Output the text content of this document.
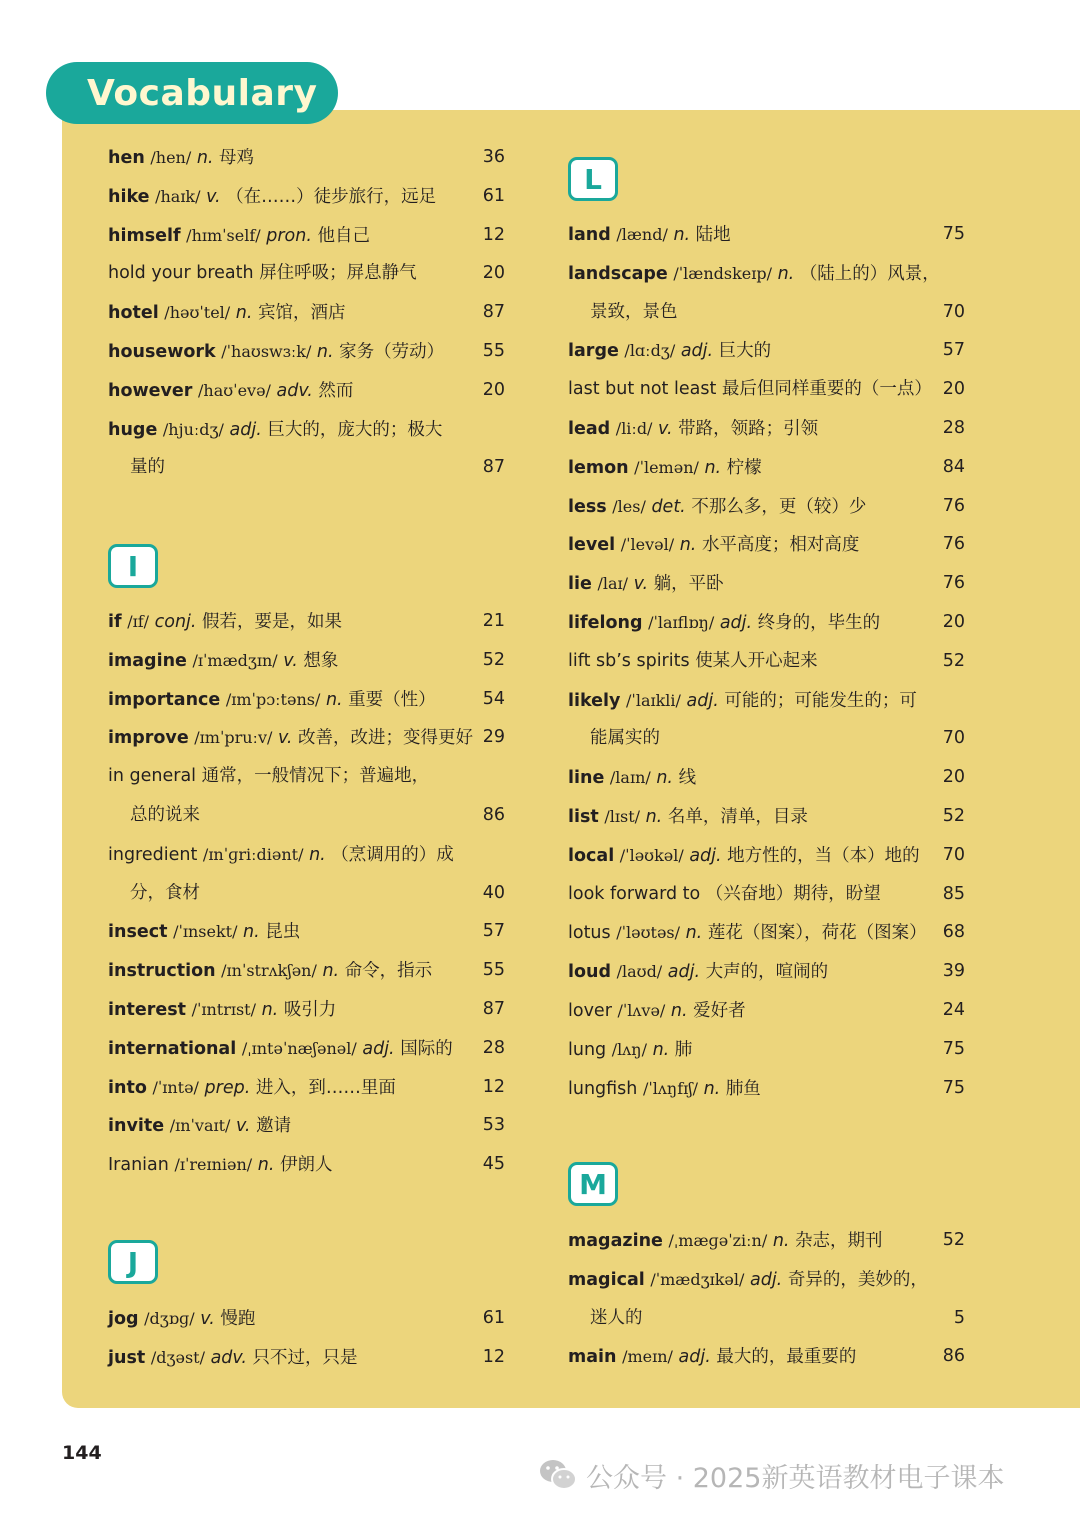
Vocabulary
hen /hen/ n. 母鸡	36
hike /haɪk/ v. （在……）徒步旅行，远足	61
himself /hɪmˈself/ pron. 他自己	12
hold your breath 屏住呼吸；屏息静气	20
hotel /həʊˈtel/ n. 宾馆，酒店	87
housework /ˈhaʊswɜːk/ n. 家务（劳动）	55
however /haʊˈevə/ adv. 然而	20
huge /hjuːdʒ/ adj. 巨大的，庞大的；极大
量的	87
if /ɪf/ conj. 假若，要是，如果	21
imagine /ɪˈmædʒɪn/ v. 想象	52
importance /ɪmˈpɔːtəns/ n. 重要（性）	54
improve /ɪmˈpruːv/ v. 改善，改进；变得更好 29
in general 通常，一般情况下；普遍地，
总的说来	86
ingredient /ɪnˈɡriːdiənt/ n. （烹调用的）成
分，食材	40
insect /ˈɪnsekt/ n. 昆虫	57
instruction /ɪnˈstrʌkʃən/ n. 命令，指示	55
interest /ˈɪntrɪst/ n. 吸引力	87
international /ˌɪntəˈnæʃənəl/ adj. 国际的	28
into /ˈɪntə/ prep. 进入，到……里面	12
invite /ɪnˈvaɪt/ v. 邀请	53
Iranian /ɪˈreɪniən/ n. 伊朗人	45
jog /dʒɒɡ/ v. 慢跑	61
just /dʒəst/ adv. 只不过，只是	12
land /lænd/ n. 陆地	75
landscape /ˈlændskeɪp/ n. （陆上的）风景，
景致，景色	70
large /lɑːdʒ/ adj. 巨大的	57
last but not least 最后但同样重要的（一点） 20
lead /liːd/ v. 带路，领路；引领	28
lemon /ˈlemən/ n. 柠檬	84
less /les/ det. 不那么多，更（较）少	76
level /ˈlevəl/ n. 水平高度；相对高度	76
lie /laɪ/ v. 躺，平卧	76
lifelong /ˈlaɪflɒŋ/ adj. 终身的，毕生的	20
lift sb’s spirits 使某人开心起来	52
likely /ˈlaɪkli/ adj. 可能的；可能发生的；可
能属实的	70
line /laɪn/ n. 线	20
list /lɪst/ n. 名单，清单，目录	52
local /ˈləʊkəl/ adj. 地方性的，当（本）地的	70
look forward to （兴奋地）期待，盼望	85
lotus /ˈləʊtəs/ n. 莲花（图案），荷花（图案） 68
loud /laʊd/ adj. 大声的，喧闹的	39
lover /ˈlʌvə/ n. 爱好者	24
lung /lʌŋ/ n. 肺	75
lungfish /ˈlʌŋfɪʃ/ n. 肺鱼	75
magazine /ˌmæɡəˈziːn/ n. 杂志，期刊	52
magical /ˈmædʒɪkəl/ adj. 奇异的，美妙的，
迷人的	5
main /meɪn/ adj. 最大的，最重要的	86
I
J
L
M
144
公众号 · 2025新英语教材电子课本
